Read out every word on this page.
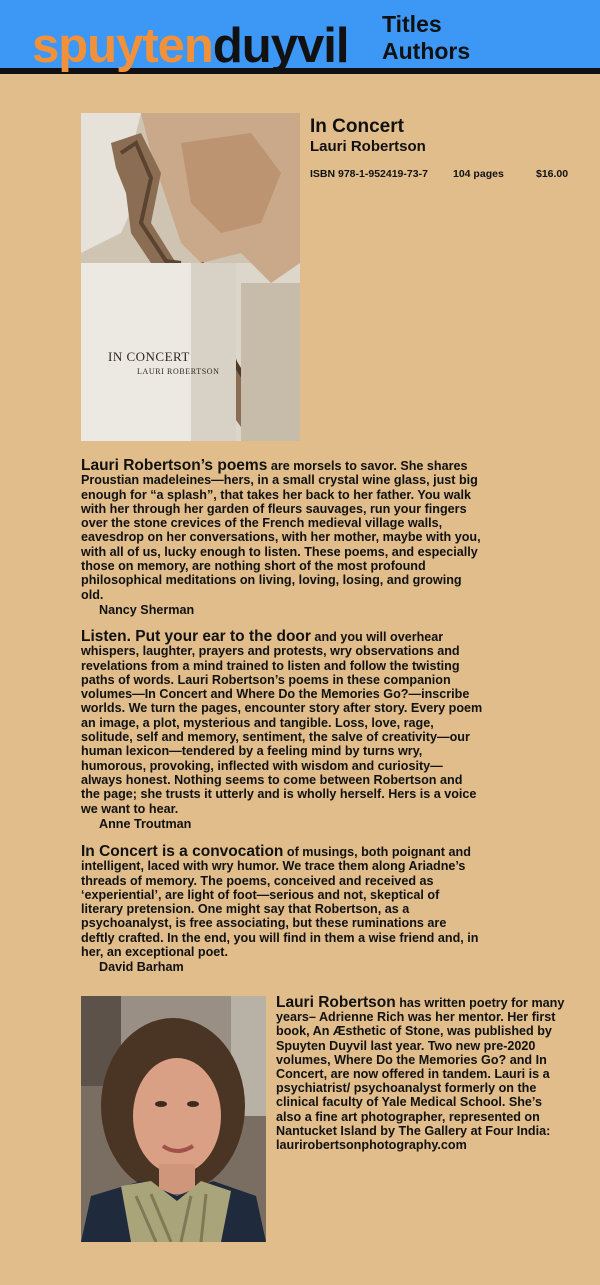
spuytenduyvil Titles
Authors
IN CONCERT
LAURI ROBERTSON
In Concert
Lauri Robertson
ISBN 978-1-952419-73-7 104 pages	$16.00
Lauri Robertson’s poems are morsels to savor. She shares Proustian madeleines—hers, in a small crystal wine glass, just big enough for “a splash”, that takes her back to her father. You walk with her through her garden of fleurs sauvages, run your fingers over the stone crevices of the French medieval village walls, eavesdrop on her conversations, with her mother, maybe with you, with all of us, lucky enough to listen. These poems, and especially those on memory, are nothing short of the most profound philosophical meditations on living, loving, losing, and growing old.
Nancy Sherman
Listen. Put your ear to the door and you will overhear whispers, laughter, prayers and protests, wry observations and revelations from a mind trained to listen and follow the twisting paths of words. Lauri Robertson’s poems in these companion volumes—In Concert and Where Do the Memories Go?—inscribe worlds. We turn the pages, encounter story after story. Every poem an image, a plot, mysterious and tangible. Loss, love, rage, solitude, self and memory, sentiment, the salve of creativity—our human lexicon—tendered by a feeling mind by turns wry, humorous, provoking, inflected with wisdom and curiosity—always honest. Nothing seems to come between Robertson and the page; she trusts it utterly and is wholly herself. Hers is a voice we want to hear.
Anne Troutman
In Concert is a convocation of musings, both poignant and intelligent, laced with wry humor. We trace them along Ariadne’s threads of memory. The poems, conceived and received as ‘experiential’, are light of foot—serious and not, skeptical of literary pretension. One might say that Robertson, as a psychoanalyst, is free associating, but these ruminations are deftly crafted. In the end, you will find in them a wise friend and, in her, an exceptional poet.
David Barham
Lauri Robertson has written poetry for many years– Adrienne Rich was her mentor. Her first book, An Æsthetic of Stone, was published by Spuyten Duyvil last year. Two new pre-2020 volumes, Where Do the Memories Go? and In Concert, are now offered in tandem. Lauri is a psychiatrist/ psychoanalyst formerly on the clinical faculty of Yale Medical School. She’s also a fine art photographer, represented on Nantucket Island by The Gallery at Four India: laurirobertsonphotography.com
